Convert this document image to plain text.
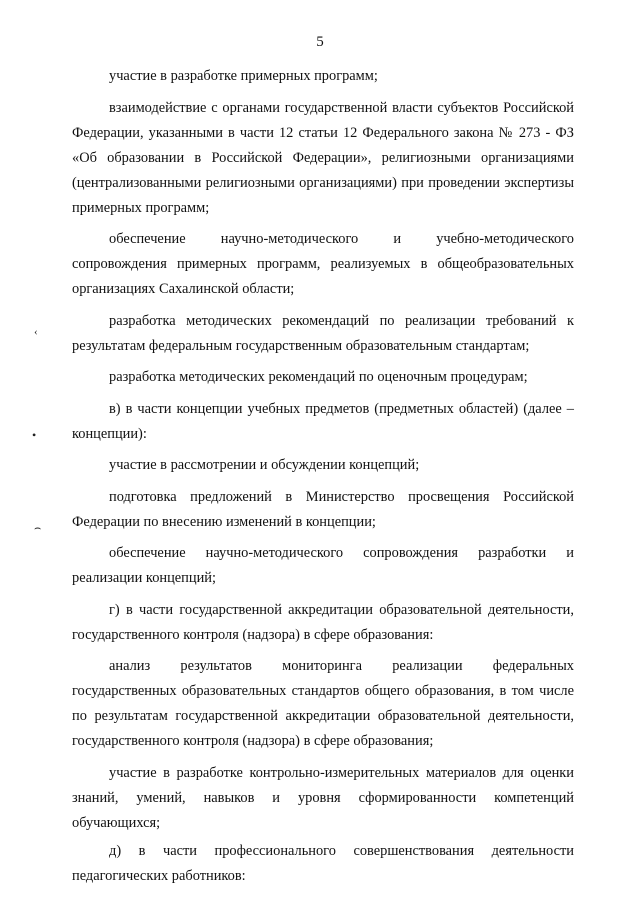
5

участие в разработке примерных программ;

взаимодействие с органами государственной власти субъектов Российской Федерации, указанными в части 12 статьи 12 Федерального закона № 273 - ФЗ «Об образовании в Российской Федерации», религиозными организациями (централизованными религиозными организациями) при проведении экспертизы примерных программ;

обеспечение научно-методического и учебно-методического сопровождения примерных программ, реализуемых в общеобразовательных организациях Сахалинской области;

разработка методических рекомендаций по реализации требований к результатам федеральным государственным образовательным стандартам;

разработка методических рекомендаций по оценочным процедурам;

в) в части концепции учебных предметов (предметных областей) (далее – концепции):

участие в рассмотрении и обсуждении концепций;

подготовка предложений в Министерство просвещения Российской Федерации по внесению изменений в концепции;

обеспечение научно-методического сопровождения разработки и реализации концепций;

г) в части государственной аккредитации образовательной деятельности, государственного контроля (надзора) в сфере образования:

анализ результатов мониторинга реализации федеральных государственных образовательных стандартов общего образования, в том числе по результатам государственной аккредитации образовательной деятельности, государственного контроля (надзора) в сфере образования;

участие в разработке контрольно-измерительных материалов для оценки знаний, умений, навыков и уровня сформированности компетенций обучающихся;

д) в части профессионального совершенствования деятельности педагогических работников:

‹
•
⌢
